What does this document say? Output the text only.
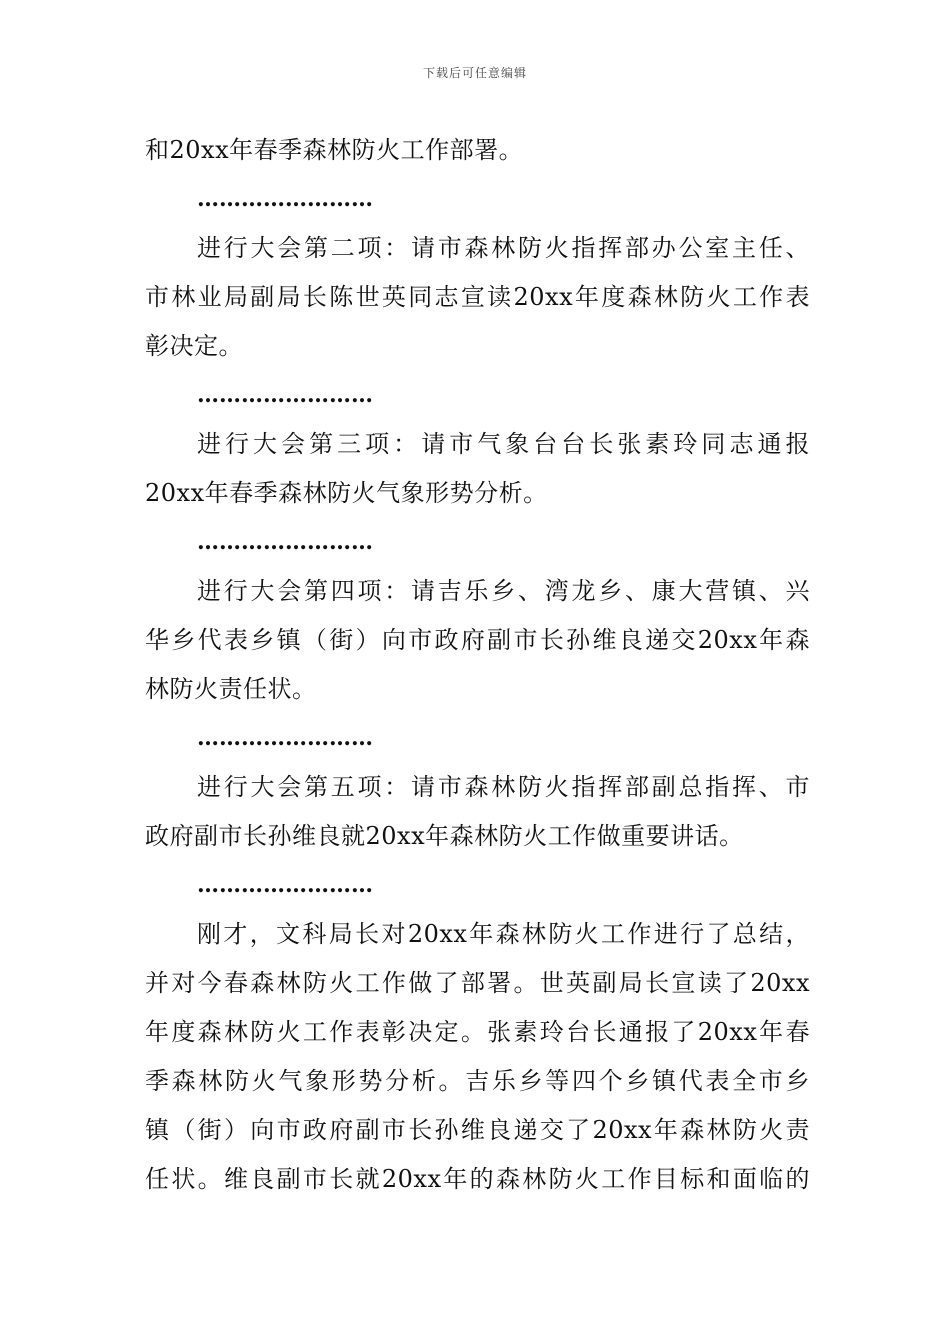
下载后可任意编辑
和20xx年春季森林防火工作部署。
……………………
进行大会第二项：请市森林防火指挥部办公室主任、
市林业局副局长陈世英同志宣读20xx年度森林防火工作表
彰决定。
……………………
进行大会第三项：请市气象台台长张素玲同志通报
20xx年春季森林防火气象形势分析。
……………………
进行大会第四项：请吉乐乡、湾龙乡、康大营镇、兴
华乡代表乡镇（街）向市政府副市长孙维良递交20xx年森
林防火责任状。
……………………
进行大会第五项：请市森林防火指挥部副总指挥、市
政府副市长孙维良就20xx年森林防火工作做重要讲话。
……………………
刚才，文科局长对20xx年森林防火工作进行了总结，
并对今春森林防火工作做了部署。世英副局长宣读了20xx
年度森林防火工作表彰决定。张素玲台长通报了20xx年春
季森林防火气象形势分析。吉乐乡等四个乡镇代表全市乡
镇（街）向市政府副市长孙维良递交了20xx年森林防火责
任状。维良副市长就20xx年的森林防火工作目标和面临的
